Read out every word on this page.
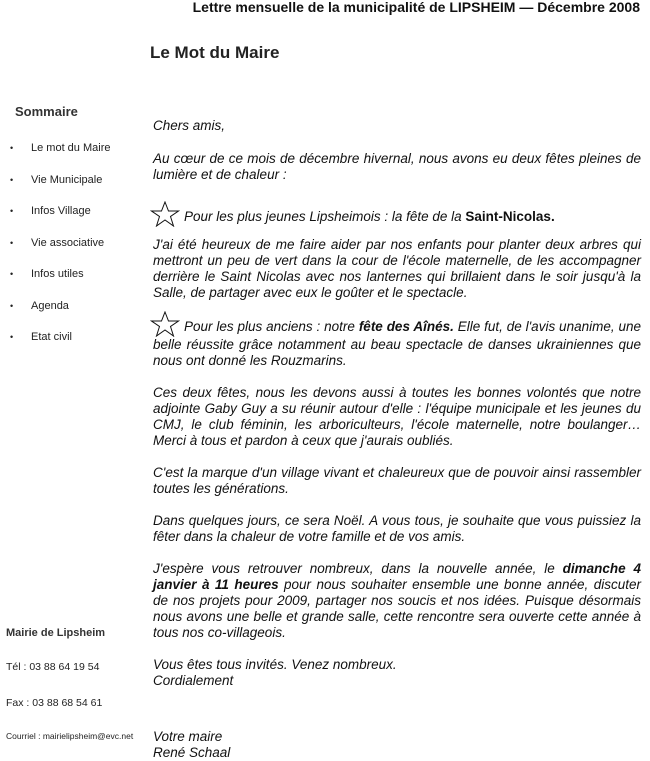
Lettre mensuelle de la municipalité de LIPSHEIM — Décembre 2008
Le Mot du Maire
Sommaire
• Le mot du Maire
• Vie Municipale
• Infos Village
• Vie associative
• Infos utiles
• Agenda
• Etat civil
Mairie de Lipsheim
Tél : 03 88 64 19 54
Fax : 03 88 68 54 61
Courriel : mairielipsheim@evc.net

Chers amis,

Au cœur de ce mois de décembre hivernal, nous avons eu deux fêtes pleines de lumière et de chaleur :

Pour les plus jeunes Lipsheimois : la fête de la Saint-Nicolas.

J'ai été heureux de me faire aider par nos enfants pour planter deux arbres qui mettront un peu de vert dans la cour de l'école maternelle, de les accompagner derrière le Saint Nicolas avec nos lanternes qui brillaient dans le soir jusqu'à la Salle, de partager avec eux le goûter et le spectacle.

Pour les plus anciens : notre fête des Aînés. Elle fut, de l'avis unanime, une belle réussite grâce notamment au beau spectacle de danses ukrainiennes que nous ont donné les Rouzmarins.

Ces deux fêtes, nous les devons aussi à toutes les bonnes volontés que notre adjointe Gaby Guy a su réunir autour d'elle : l'équipe municipale et les jeunes du CMJ, le club féminin, les arboriculteurs, l'école maternelle, notre boulanger… Merci à tous et pardon à ceux que j'aurais oubliés.

C'est la marque d'un village vivant et chaleureux que de pouvoir ainsi rassembler toutes les générations.

Dans quelques jours, ce sera Noël. A vous tous, je souhaite que vous puissiez la fêter dans la chaleur de votre famille et de vos amis.

J'espère vous retrouver nombreux, dans la nouvelle année, le dimanche 4 janvier à 11 heures pour nous souhaiter ensemble une bonne année, discuter de nos projets pour 2009, partager nos soucis et nos idées. Puisque désormais nous avons une belle et grande salle, cette rencontre sera ouverte cette année à tous nos co-villageois.

Vous êtes tous invités. Venez nombreux.

Cordialement

Votre maire

René Schaal
